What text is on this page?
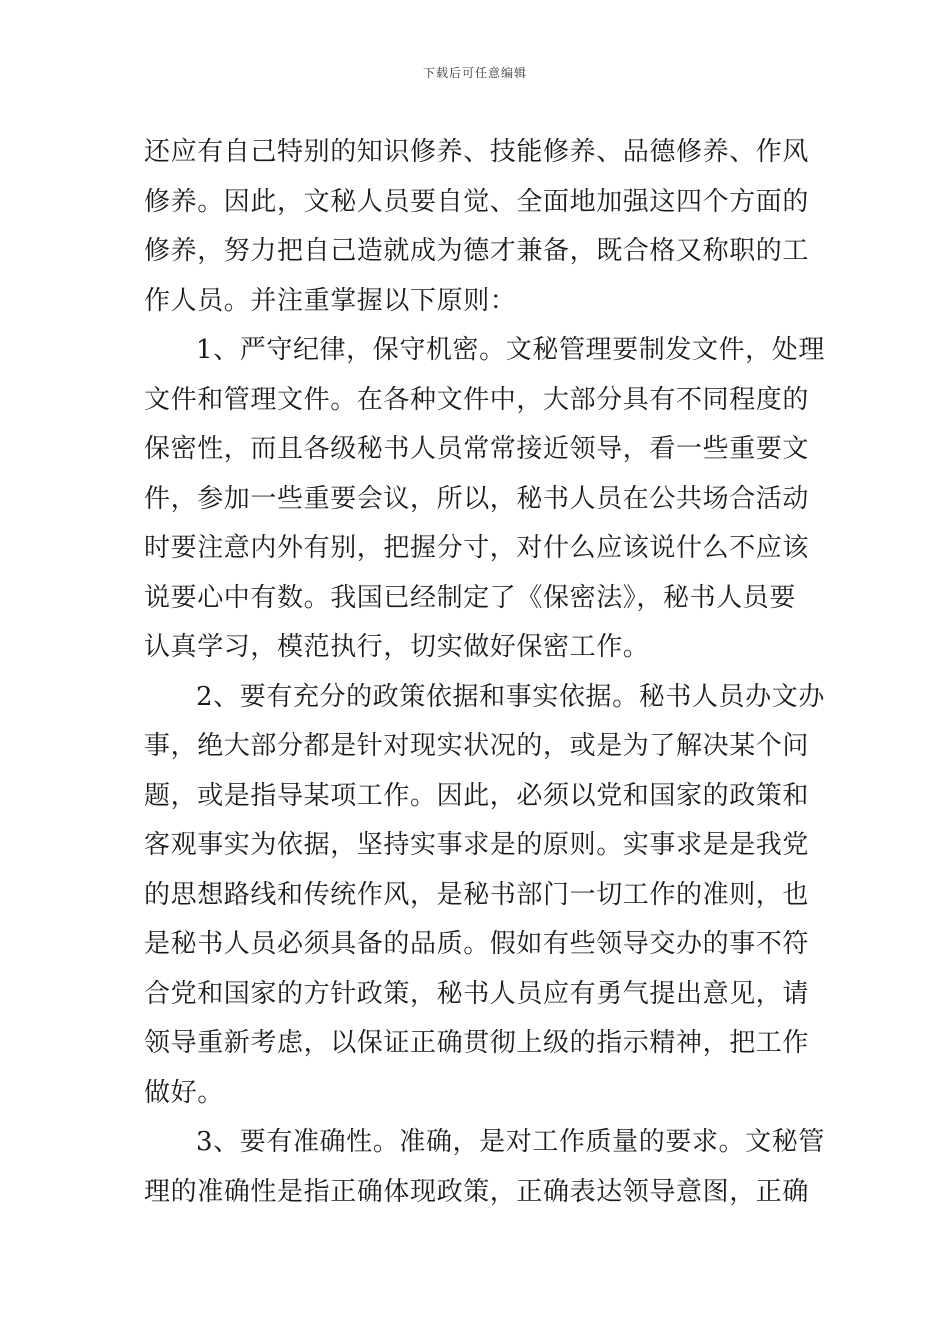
下载后可任意编辑
还应有自己特别的知识修养、技能修养、品德修养、作风
修养。因此，文秘人员要自觉、全面地加强这四个方面的
修养，努力把自己造就成为德才兼备，既合格又称职的工
作人员。并注重掌握以下原则：
1、严守纪律，保守机密。文秘管理要制发文件，处理
文件和管理文件。在各种文件中，大部分具有不同程度的
保密性，而且各级秘书人员常常接近领导，看一些重要文
件，参加一些重要会议，所以，秘书人员在公共场合活动
时要注意内外有别，把握分寸，对什么应该说什么不应该
说要心中有数。我国已经制定了《保密法》，秘书人员要
认真学习，模范执行，切实做好保密工作。
2、要有充分的政策依据和事实依据。秘书人员办文办
事，绝大部分都是针对现实状况的，或是为了解决某个问
题，或是指导某项工作。因此，必须以党和国家的政策和
客观事实为依据，坚持实事求是的原则。实事求是是我党
的思想路线和传统作风，是秘书部门一切工作的准则，也
是秘书人员必须具备的品质。假如有些领导交办的事不符
合党和国家的方针政策，秘书人员应有勇气提出意见，请
领导重新考虑，以保证正确贯彻上级的指示精神，把工作
做好。
3、要有准确性。准确，是对工作质量的要求。文秘管
理的准确性是指正确体现政策，正确表达领导意图，正确
